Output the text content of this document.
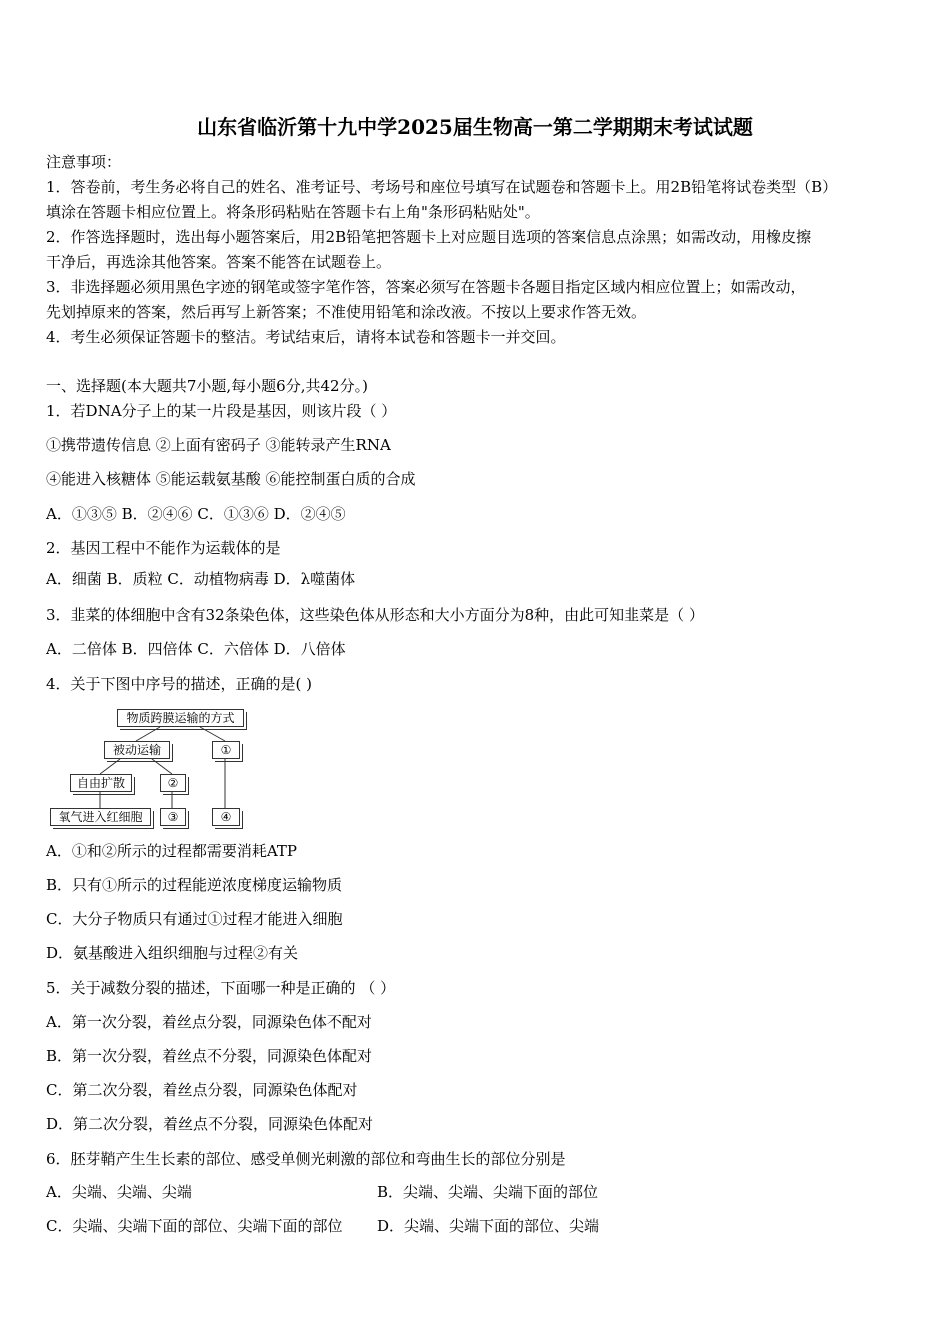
山东省临沂第十九中学2025届生物高一第二学期期末考试试题
注意事项：
1．答卷前，考生务必将自己的姓名、准考证号、考场号和座位号填写在试题卷和答题卡上。用2B铅笔将试卷类型（B）
填涂在答题卡相应位置上。将条形码粘贴在答题卡右上角"条形码粘贴处"。
2．作答选择题时，选出每小题答案后，用2B铅笔把答题卡上对应题目选项的答案信息点涂黑；如需改动，用橡皮擦
干净后，再选涂其他答案。答案不能答在试题卷上。
3．非选择题必须用黑色字迹的钢笔或签字笔作答，答案必须写在答题卡各题目指定区域内相应位置上；如需改动，
先划掉原来的答案，然后再写上新答案；不准使用铅笔和涂改液。不按以上要求作答无效。
4．考生必须保证答题卡的整洁。考试结束后，请将本试卷和答题卡一并交回。
一、选择题(本大题共7小题,每小题6分,共42分。)
1．若DNA分子上的某一片段是基因，则该片段（ ）
①携带遗传信息 ②上面有密码子 ③能转录产生RNA
④能进入核糖体 ⑤能运载氨基酸 ⑥能控制蛋白质的合成
A．①③⑤ B．②④⑥ C．①③⑥ D．②④⑤
2．基因工程中不能作为运载体的是
A．细菌 B．质粒 C．动植物病毒 D．λ噬菌体
3．韭菜的体细胞中含有32条染色体，这些染色体从形态和大小方面分为8种，由此可知韭菜是（ ）
A．二倍体 B．四倍体 C．六倍体 D．八倍体
4．关于下图中序号的描述，正确的是( )
物质跨膜运输的方式
被动运输	①
自由扩散	②
氧气进入红细胞	③	④
A．①和②所示的过程都需要消耗ATP
B．只有①所示的过程能逆浓度梯度运输物质
C．大分子物质只有通过①过程才能进入细胞
D．氨基酸进入组织细胞与过程②有关
5．关于减数分裂的描述，下面哪一种是正确的 （ ）
A．第一次分裂，着丝点分裂，同源染色体不配对
B．第一次分裂，着丝点不分裂，同源染色体配对
C．第二次分裂，着丝点分裂，同源染色体配对
D．第二次分裂，着丝点不分裂，同源染色体配对
6．胚芽鞘产生生长素的部位、感受单侧光刺激的部位和弯曲生长的部位分别是
A．尖端、尖端、尖端	B．尖端、尖端、尖端下面的部位
C．尖端、尖端下面的部位、尖端下面的部位 D．尖端、尖端下面的部位、尖端
